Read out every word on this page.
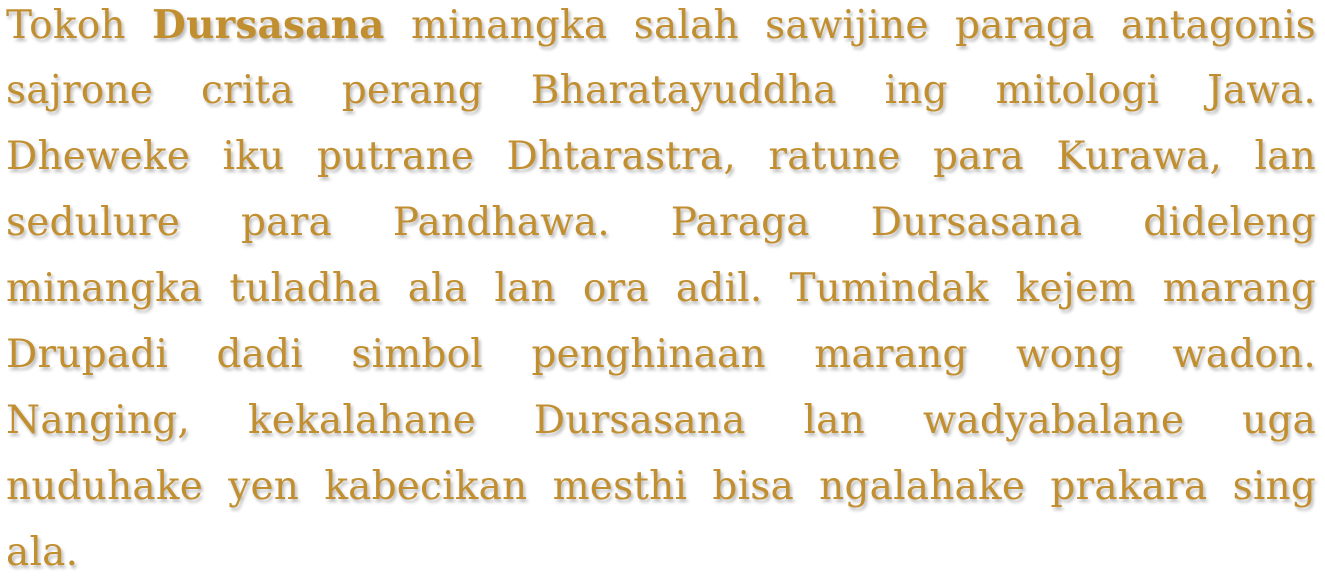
Tokoh Dursasana minangka salah sawijine paraga antagonis
sajrone crita perang Bharatayuddha ing mitologi Jawa.
Dheweke iku putrane Dhtarastra, ratune para Kurawa, lan
sedulure para Pandhawa. Paraga Dursasana dideleng
minangka tuladha ala lan ora adil. Tumindak kejem marang
Drupadi dadi simbol penghinaan marang wong wadon.
Nanging, kekalahane Dursasana lan wadyabalane uga
nuduhake yen kabecikan mesthi bisa ngalahake prakara sing
ala.
